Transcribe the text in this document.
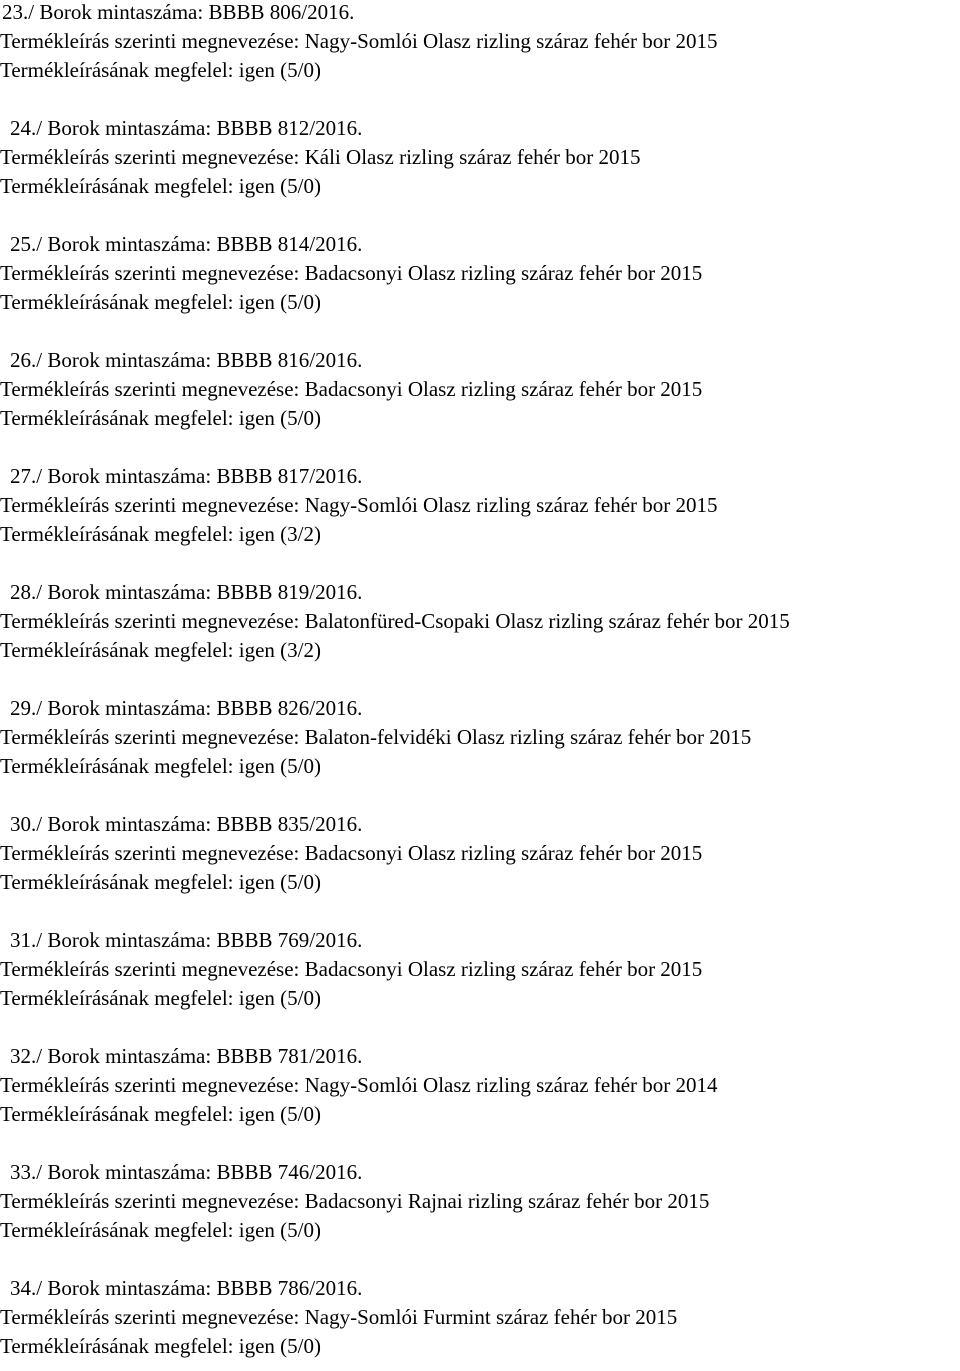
23./ Borok mintaszáma: BBBB 806/2016.
Termékleírás szerinti megnevezése: Nagy-Somlói Olasz rizling száraz fehér bor 2015
Termékleírásának megfelel: igen (5/0)
24./ Borok mintaszáma: BBBB 812/2016.
Termékleírás szerinti megnevezése: Káli Olasz rizling száraz fehér bor 2015
Termékleírásának megfelel: igen (5/0)
25./ Borok mintaszáma: BBBB 814/2016.
Termékleírás szerinti megnevezése: Badacsonyi Olasz rizling száraz fehér bor 2015
Termékleírásának megfelel: igen (5/0)
26./ Borok mintaszáma: BBBB 816/2016.
Termékleírás szerinti megnevezése: Badacsonyi Olasz rizling száraz fehér bor 2015
Termékleírásának megfelel: igen (5/0)
27./ Borok mintaszáma: BBBB 817/2016.
Termékleírás szerinti megnevezése: Nagy-Somlói Olasz rizling száraz fehér bor 2015
Termékleírásának megfelel: igen (3/2)
28./ Borok mintaszáma: BBBB 819/2016.
Termékleírás szerinti megnevezése: Balatonfüred-Csopaki Olasz rizling száraz fehér bor 2015
Termékleírásának megfelel: igen (3/2)
29./ Borok mintaszáma: BBBB 826/2016.
Termékleírás szerinti megnevezése: Balaton-felvidéki Olasz rizling száraz fehér bor 2015
Termékleírásának megfelel: igen (5/0)
30./ Borok mintaszáma: BBBB 835/2016.
Termékleírás szerinti megnevezése: Badacsonyi Olasz rizling száraz fehér bor 2015
Termékleírásának megfelel: igen (5/0)
31./ Borok mintaszáma: BBBB 769/2016.
Termékleírás szerinti megnevezése: Badacsonyi Olasz rizling száraz fehér bor 2015
Termékleírásának megfelel: igen (5/0)
32./ Borok mintaszáma: BBBB 781/2016.
Termékleírás szerinti megnevezése: Nagy-Somlói Olasz rizling száraz fehér bor 2014
Termékleírásának megfelel: igen (5/0)
33./ Borok mintaszáma: BBBB 746/2016.
Termékleírás szerinti megnevezése: Badacsonyi Rajnai rizling száraz fehér bor 2015
Termékleírásának megfelel: igen (5/0)
34./ Borok mintaszáma: BBBB 786/2016.
Termékleírás szerinti megnevezése: Nagy-Somlói Furmint száraz fehér bor 2015
Termékleírásának megfelel: igen (5/0)
